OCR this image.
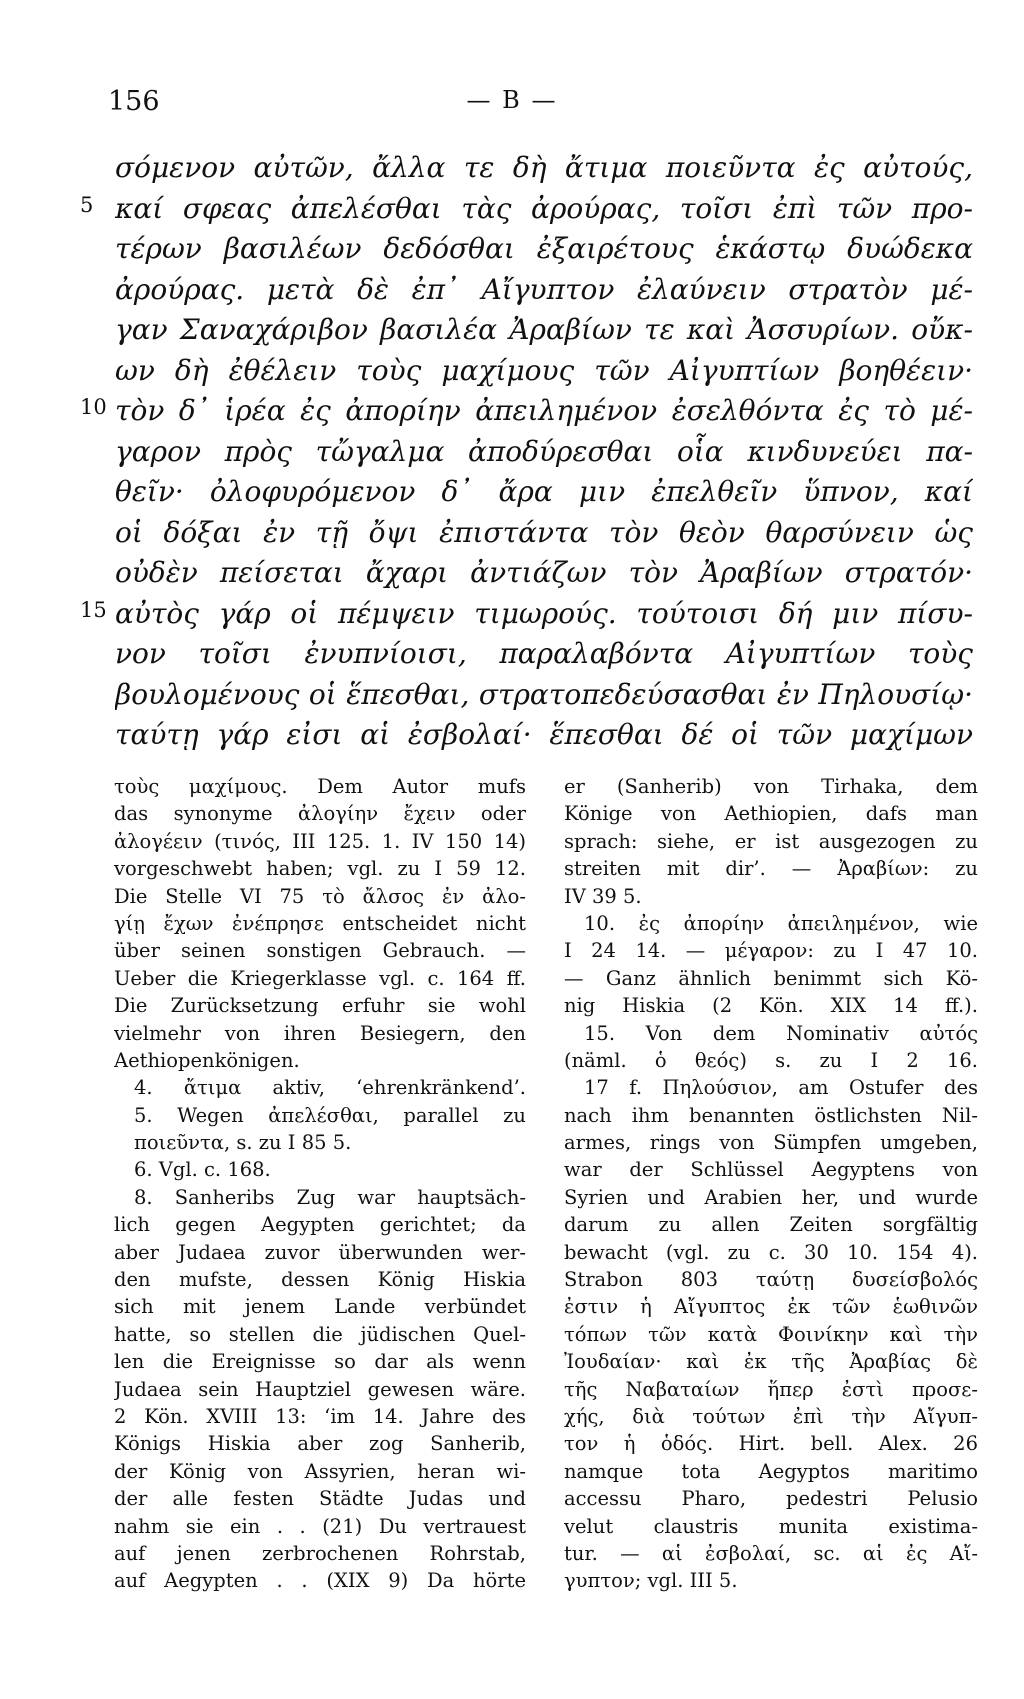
156	— B —
σόμενον αὐτῶν, ἄλλα τε δὴ ἄτιμα ποιεῦντα ἐς αὐτούς,
5 καί σφεας ἀπελέσθαι τὰς ἀρούρας, τοῖσι ἐπὶ τῶν προ-
τέρων βασιλέων δεδόσθαι ἐξαιρέτους ἑκάστῳ δυώδεκα
ἀρούρας. μετὰ δὲ ἐπ᾽ Αἴγυπτον ἐλαύνειν στρατὸν μέ-
γαν Σαναχάριβον βασιλέα Ἀραβίων τε καὶ Ἀσσυρίων. οὔκ-
ων δὴ ἐθέλειν τοὺς μαχίμους τῶν Αἰγυπτίων βοηθέειν·
10 τὸν δ᾽ ἱρέα ἐς ἀπορίην ἀπειλημένον ἐσελθόντα ἐς τὸ μέ-
γαρον πρὸς τὤγαλμα ἀποδύρεσθαι οἷα κινδυνεύει πα-
θεῖν· ὀλοφυρόμενον δ᾽ ἄρα μιν ἐπελθεῖν ὕπνον, καί
οἱ δόξαι ἐν τῇ ὄψι ἐπιστάντα τὸν θεὸν θαρσύνειν ὡς
οὐδὲν πείσεται ἄχαρι ἀντιάζων τὸν Ἀραβίων στρατόν·
15 αὐτὸς γάρ οἱ πέμψειν τιμωρούς. τούτοισι δή μιν πίσυ-
νον τοῖσι ἐνυπνίοισι, παραλαβόντα Αἰγυπτίων τοὺς
βουλομένους οἱ ἕπεσθαι, στρατοπεδεύσασθαι ἐν Πηλουσίῳ·
ταύτῃ γάρ εἰσι αἱ ἐσβολαί· ἕπεσθαι δέ οἱ τῶν μαχίμων
τοὺς μαχίμους. Dem Autor mufs
das synonyme ἀλογίην ἔχειν oder
ἀλογέειν (τινός, III 125. 1. IV 150 14)
vorgeschwebt haben; vgl. zu I 59 12.
Die Stelle VI 75 τὸ ἄλσος ἐν ἀλο-
γίῃ ἔχων ἐνέπρησε entscheidet nicht
über seinen sonstigen Gebrauch. —
Ueber die Kriegerklasse vgl. c. 164 ff.
Die Zurücksetzung erfuhr sie wohl
vielmehr von ihren Besiegern, den
Aethiopenkönigen.
4. ἄτιμα aktiv, ‘ehrenkränkend’.
5. Wegen ἀπελέσθαι, parallel zu
ποιεῦντα, s. zu I 85 5.
6. Vgl. c. 168.
8. Sanheribs Zug war hauptsäch-
lich gegen Aegypten gerichtet; da
aber Judaea zuvor überwunden wer-
den mufste, dessen König Hiskia
sich mit jenem Lande verbündet
hatte, so stellen die jüdischen Quel-
len die Ereignisse so dar als wenn
Judaea sein Hauptziel gewesen wäre.
2 Kön. XVIII 13: ‘im 14. Jahre des
Königs Hiskia aber zog Sanherib,
der König von Assyrien, heran wi-
der alle festen Städte Judas und
nahm sie ein . . (21) Du vertrauest
auf jenen zerbrochenen Rohrstab,
auf Aegypten . . (XIX 9) Da hörte
er (Sanherib) von Tirhaka, dem
Könige von Aethiopien, dafs man
sprach: siehe, er ist ausgezogen zu
streiten mit dir’. — Ἀραβίων: zu
IV 39 5.
10. ἐς ἀπορίην ἀπειλημένον, wie
I 24 14. — μέγαρον: zu I 47 10.
— Ganz ähnlich benimmt sich Kö-
nig Hiskia (2 Kön. XIX 14 ff.).
15. Von dem Nominativ αὐτός
(näml. ὁ θεός) s. zu I 2 16.
17 f. Πηλούσιον, am Ostufer des
nach ihm benannten östlichsten Nil-
armes, rings von Sümpfen umgeben,
war der Schlüssel Aegyptens von
Syrien und Arabien her, und wurde
darum zu allen Zeiten sorgfältig
bewacht (vgl. zu c. 30 10. 154 4).
Strabon 803 ταύτῃ δυσείσβολός
ἐστιν ἡ Αἴγυπτος ἐκ τῶν ἑωθινῶν
τόπων τῶν κατὰ Φοινίκην καὶ τὴν
Ἰουδαίαν· καὶ ἐκ τῆς Ἀραβίας δὲ
τῆς Ναβαταίων ἥπερ ἐστὶ προσε-
χής, διὰ τούτων ἐπὶ τὴν Αἴγυπ-
τον ἡ ὁδός. Hirt. bell. Alex. 26
namque tota Aegyptos maritimo
accessu Pharo, pedestri Pelusio
velut claustris munita existima-
tur. — αἱ ἐσβολαί, sc. αἱ ἐς Αἴ-
γυπτον; vgl. III 5.
